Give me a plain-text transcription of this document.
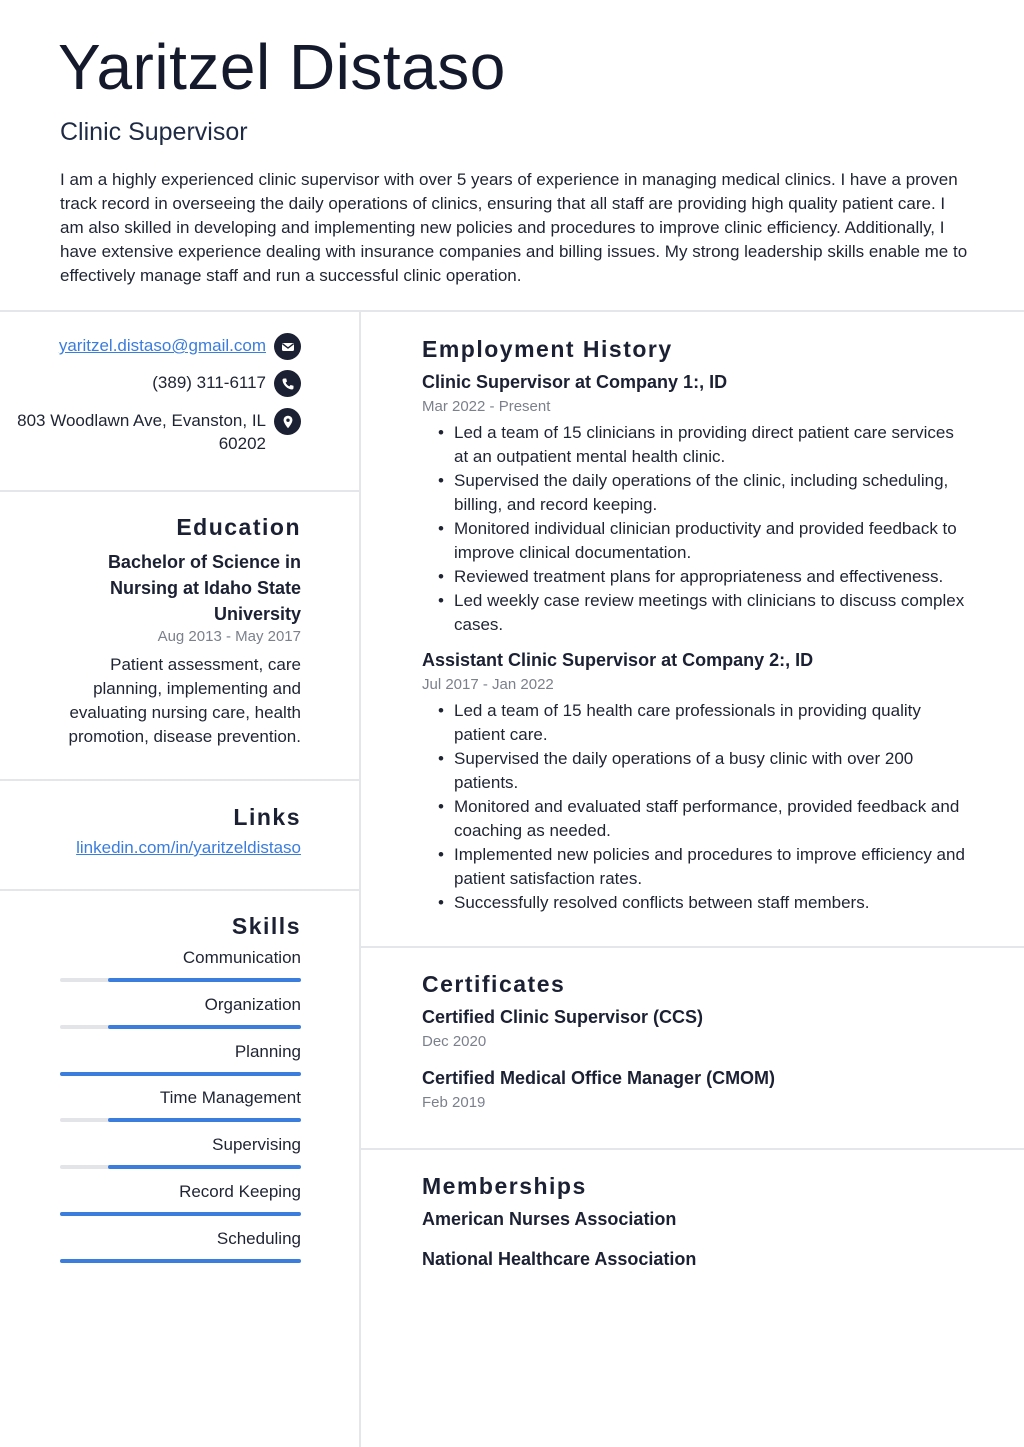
Yaritzel Distaso
Clinic Supervisor
I am a highly experienced clinic supervisor with over 5 years of experience in managing medical clinics. I have a proven track record in overseeing the daily operations of clinics, ensuring that all staff are providing high quality patient care. I am also skilled in developing and implementing new policies and procedures to improve clinic efficiency. Additionally, I have extensive experience dealing with insurance companies and billing issues. My strong leadership skills enable me to effectively manage staff and run a successful clinic operation.
yaritzel.distaso@gmail.com
(389) 311-6117
803 Woodlawn Ave, Evanston, IL
60202
Education
Bachelor of Science in Nursing at Idaho State University
Aug 2013 - May 2017
Patient assessment, care planning, implementing and evaluating nursing care, health promotion, disease prevention.
Links
linkedin.com/in/yaritzeldistaso
Skills
Communication
Organization
Planning
Time Management
Supervising
Record Keeping
Scheduling
Employment History
Clinic Supervisor at Company 1:, ID
Mar 2022 - Present
• Led a team of 15 clinicians in providing direct patient care services at an outpatient mental health clinic.
• Supervised the daily operations of the clinic, including scheduling, billing, and record keeping.
• Monitored individual clinician productivity and provided feedback to improve clinical documentation.
• Reviewed treatment plans for appropriateness and effectiveness.
• Led weekly case review meetings with clinicians to discuss complex cases.
Assistant Clinic Supervisor at Company 2:, ID
Jul 2017 - Jan 2022
• Led a team of 15 health care professionals in providing quality patient care.
• Supervised the daily operations of a busy clinic with over 200 patients.
• Monitored and evaluated staff performance, provided feedback and coaching as needed.
• Implemented new policies and procedures to improve efficiency and patient satisfaction rates.
• Successfully resolved conflicts between staff members.
Certificates
Certified Clinic Supervisor (CCS)
Dec 2020
Certified Medical Office Manager (CMOM)
Feb 2019
Memberships
American Nurses Association
National Healthcare Association
